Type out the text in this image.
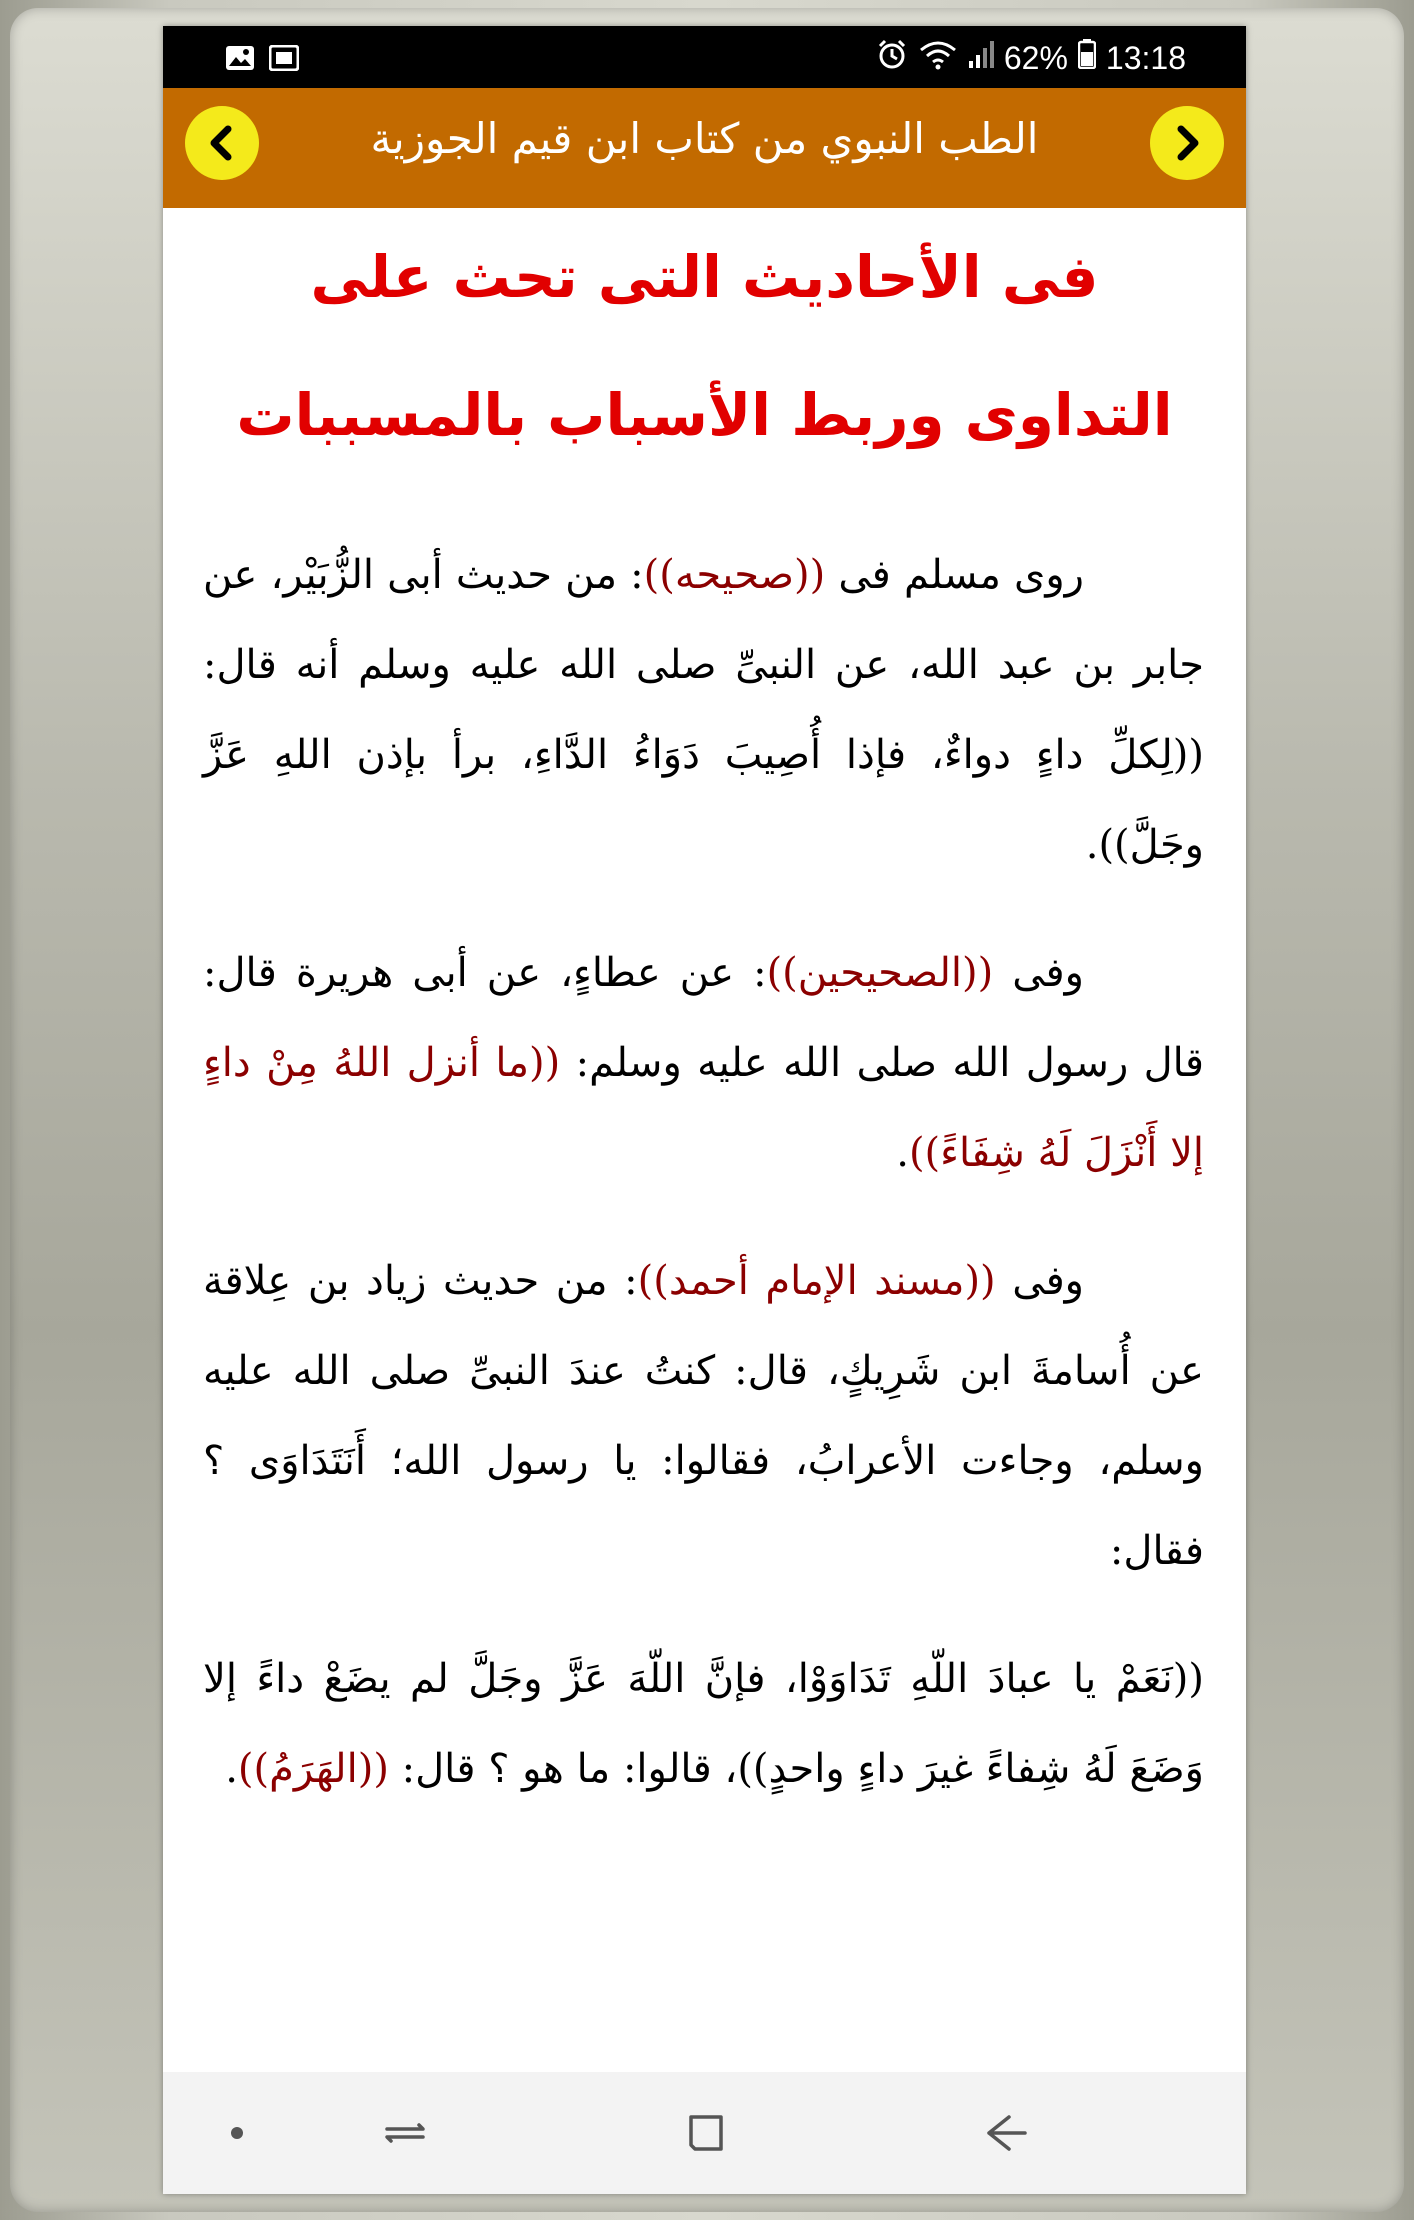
62% 13:18
الطب النبوي من كتاب ابن قيم الجوزية
فى الأحاديث التى تحث على التداوى وربط الأسباب بالمسببات

روى مسلم فى ((صحيحه)): من حديث أبى الزُّبَيْر، عن جابر بن عبد الله، عن النبىِّ صلى الله عليه وسلم أنه قال: ((لِكلِّ داءٍ دواءٌ، فإذا أُصِيبَ دَوَاءُ الدَّاءِ، برأ بإذن اللهِ عَزَّ وجَلَّ)).

وفى ((الصحيحين)): عن عطاءٍ، عن أبى هريرة قال: قال رسول الله صلى الله عليه وسلم: ((ما أنزل اللهُ مِنْ داءٍ إلا أَنْزَلَ لَهُ شِفَاءً)).

وفى ((مسند الإمام أحمد)): من حديث زياد بن عِلاقة عن أُسامةَ ابن شَرِيكٍ، قال: كنتُ عندَ النبىِّ صلى الله عليه وسلم، وجاءت الأعرابُ، فقالوا: يا رسول الله؛ أَنَتَدَاوَى ؟ فقال:

((نَعَمْ يا عبادَ اللّهِ تَدَاوَوْا، فإنَّ اللّهَ عَزَّ وجَلَّ لم يضَعْ داءً إلا وَضَعَ لَهُ شِفاءً غيرَ داءٍ واحدٍ))، قالوا: ما هو ؟ قال: ((الهَرَمُ)).
